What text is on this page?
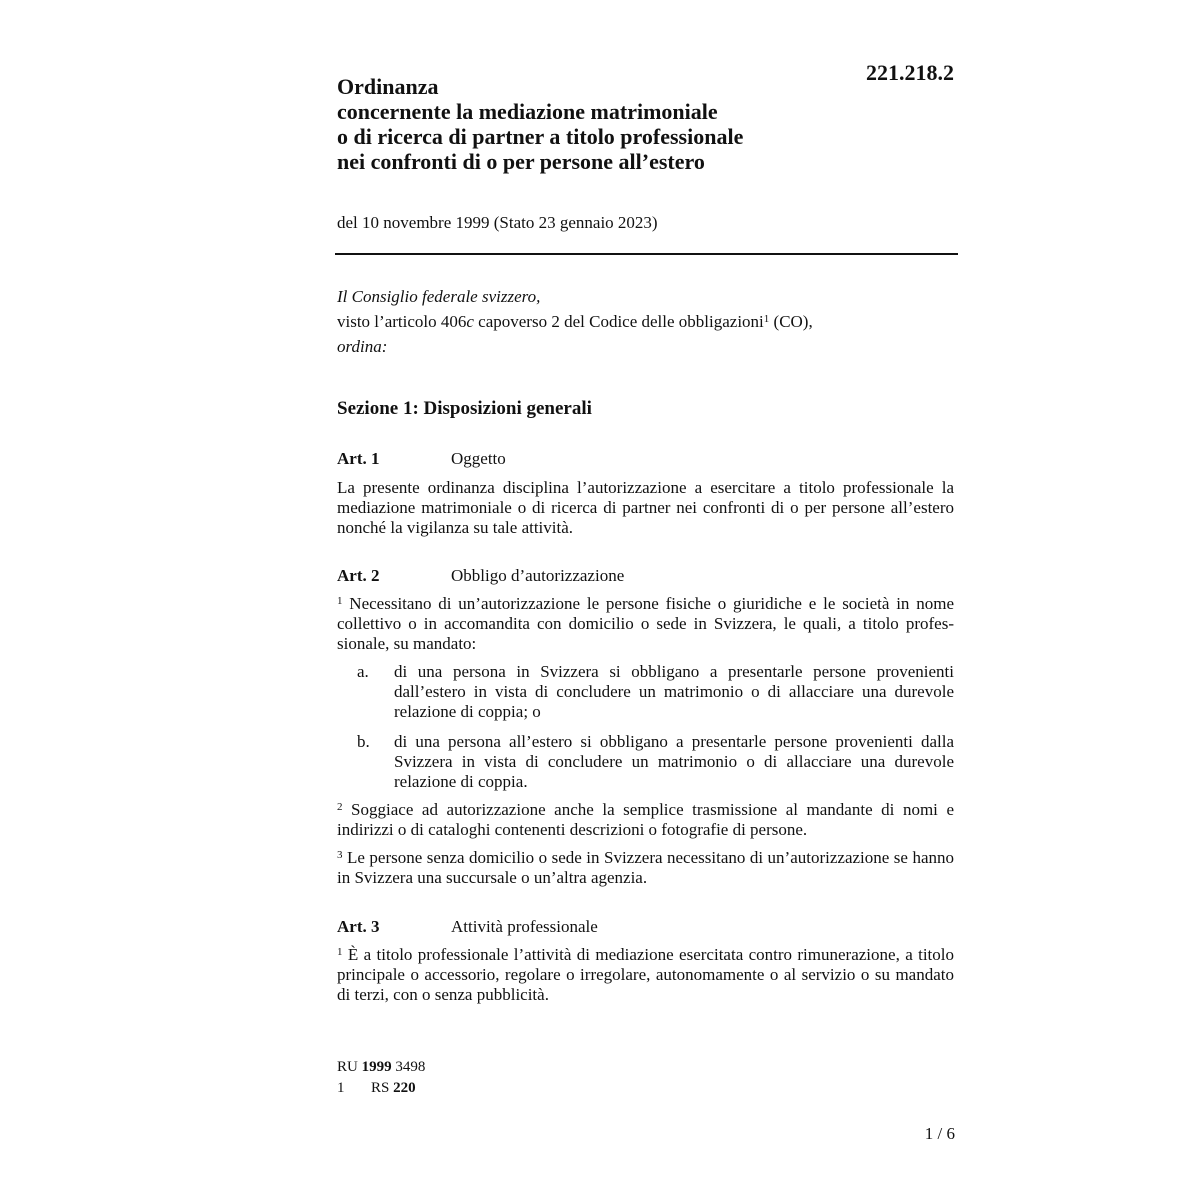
221.218.2
Ordinanza
concernente la mediazione matrimoniale
o di ricerca di partner a titolo professionale
nei confronti di o per persone all’estero
del 10 novembre 1999 (Stato 23 gennaio 2023)
Il Consiglio federale svizzero,
visto l’articolo 406c capoverso 2 del Codice delle obbligazioni$^1$ (CO),
ordina:
Sezione 1: Disposizioni generali
Art. 1	Oggetto
La presente ordinanza disciplina l’autorizzazione a esercitare a titolo professionale la mediazione matrimoniale o di ricerca di partner nei confronti di o per persone all’estero nonché la vigilanza su tale attività.
Art. 2	Obbligo d’autorizzazione
$^1$ Necessitano di un’autorizzazione le persone fisiche o giuridiche e le società in nome collettivo o in accomandita con domicilio o sede in Svizzera, le quali, a titolo professionale, su mandato:
a. di una persona in Svizzera si obbligano a presentarle persone provenienti dall’estero in vista di concludere un matrimonio o di allacciare una durevole relazione di coppia; o
b. di una persona all’estero si obbligano a presentarle persone provenienti dalla Svizzera in vista di concludere un matrimonio o di allacciare una durevole relazione di coppia.
$^2$ Soggiace ad autorizzazione anche la semplice trasmissione al mandante di nomi e indirizzi o di cataloghi contenenti descrizioni o fotografie di persone.
$^3$ Le persone senza domicilio o sede in Svizzera necessitano di un’autorizzazione se hanno in Svizzera una succursale o un’altra agenzia.
Art. 3	Attività professionale
$^1$ È a titolo professionale l’attività di mediazione esercitata contro rimunerazione, a titolo principale o accessorio, regolare o irregolare, autonomamente o al servizio o su mandato di terzi, con o senza pubblicità.
RU 1999 3498
1 RS 220
1 / 6
